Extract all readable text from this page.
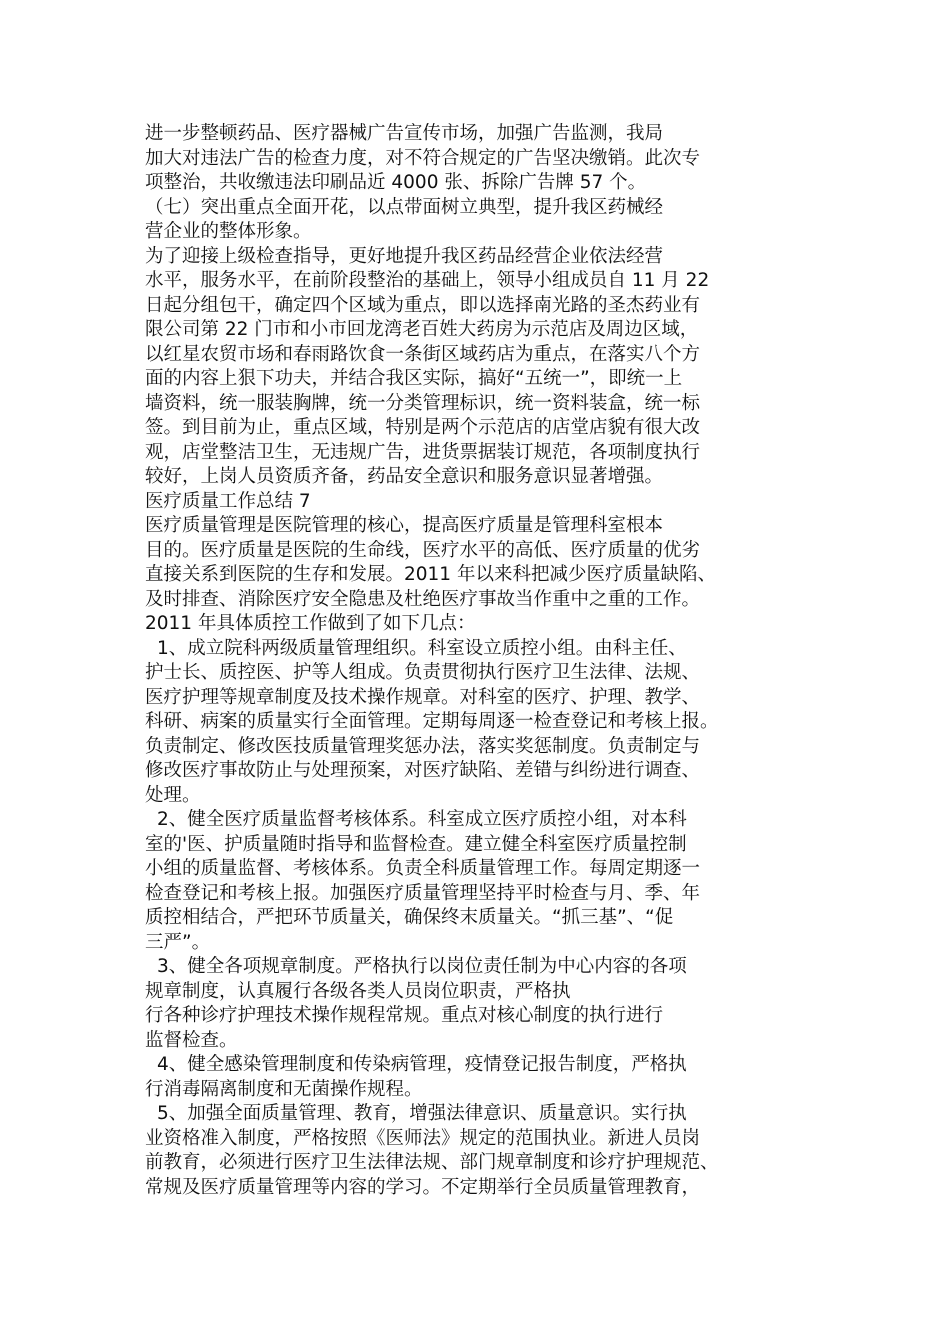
进一步整顿药品、医疗器械广告宣传市场，加强广告监测，我局
加大对违法广告的检查力度，对不符合规定的广告坚决缴销。此次专
项整治，共收缴违法印刷品近 4000 张、拆除广告牌 57 个。
（七）突出重点全面开花，以点带面树立典型，提升我区药械经
营企业的整体形象。
为了迎接上级检查指导，更好地提升我区药品经营企业依法经营
水平，服务水平，在前阶段整治的基础上，领导小组成员自 11 月 22
日起分组包干，确定四个区域为重点，即以选择南光路的圣杰药业有
限公司第 22 门市和小市回龙湾老百姓大药房为示范店及周边区域，
以红星农贸市场和春雨路饮食一条街区域药店为重点，在落实八个方
面的内容上狠下功夫，并结合我区实际，搞好“五统一”，即统一上
墙资料，统一服装胸牌，统一分类管理标识，统一资料装盒，统一标
签。到目前为止，重点区域，特别是两个示范店的店堂店貌有很大改
观，店堂整洁卫生，无违规广告，进货票据装订规范，各项制度执行
较好，上岗人员资质齐备，药品安全意识和服务意识显著增强。
医疗质量工作总结 7
医疗质量管理是医院管理的核心，提高医疗质量是管理科室根本
目的。医疗质量是医院的生命线，医疗水平的高低、医疗质量的优劣
直接关系到医院的生存和发展。2011 年以来科把减少医疗质量缺陷、
及时排查、消除医疗安全隐患及杜绝医疗事故当作重中之重的工作。
2011 年具体质控工作做到了如下几点：
1、成立院科两级质量管理组织。科室设立质控小组。由科主任、
护士长、质控医、护等人组成。负责贯彻执行医疗卫生法律、法规、
医疗护理等规章制度及技术操作规章。对科室的医疗、护理、教学、
科研、病案的质量实行全面管理。定期每周逐一检查登记和考核上报。
负责制定、修改医技质量管理奖惩办法，落实奖惩制度。负责制定与
修改医疗事故防止与处理预案，对医疗缺陷、差错与纠纷进行调查、
处理。
2、健全医疗质量监督考核体系。科室成立医疗质控小组，对本科
室的'医、护质量随时指导和监督检查。建立健全科室医疗质量控制
小组的质量监督、考核体系。负责全科质量管理工作。每周定期逐一
检查登记和考核上报。加强医疗质量管理坚持平时检查与月、季、年
质控相结合，严把环节质量关，确保终末质量关。“抓三基”、“促
三严”。
3、健全各项规章制度。严格执行以岗位责任制为中心内容的各项
规章制度，认真履行各级各类人员岗位职责，严格执
行各种诊疗护理技术操作规程常规。重点对核心制度的执行进行
监督检查。
4、健全感染管理制度和传染病管理，疫情登记报告制度，严格执
行消毒隔离制度和无菌操作规程。
5、加强全面质量管理、教育，增强法律意识、质量意识。实行执
业资格准入制度，严格按照《医师法》规定的范围执业。新进人员岗
前教育，必须进行医疗卫生法律法规、部门规章制度和诊疗护理规范、
常规及医疗质量管理等内容的学习。不定期举行全员质量管理教育，
